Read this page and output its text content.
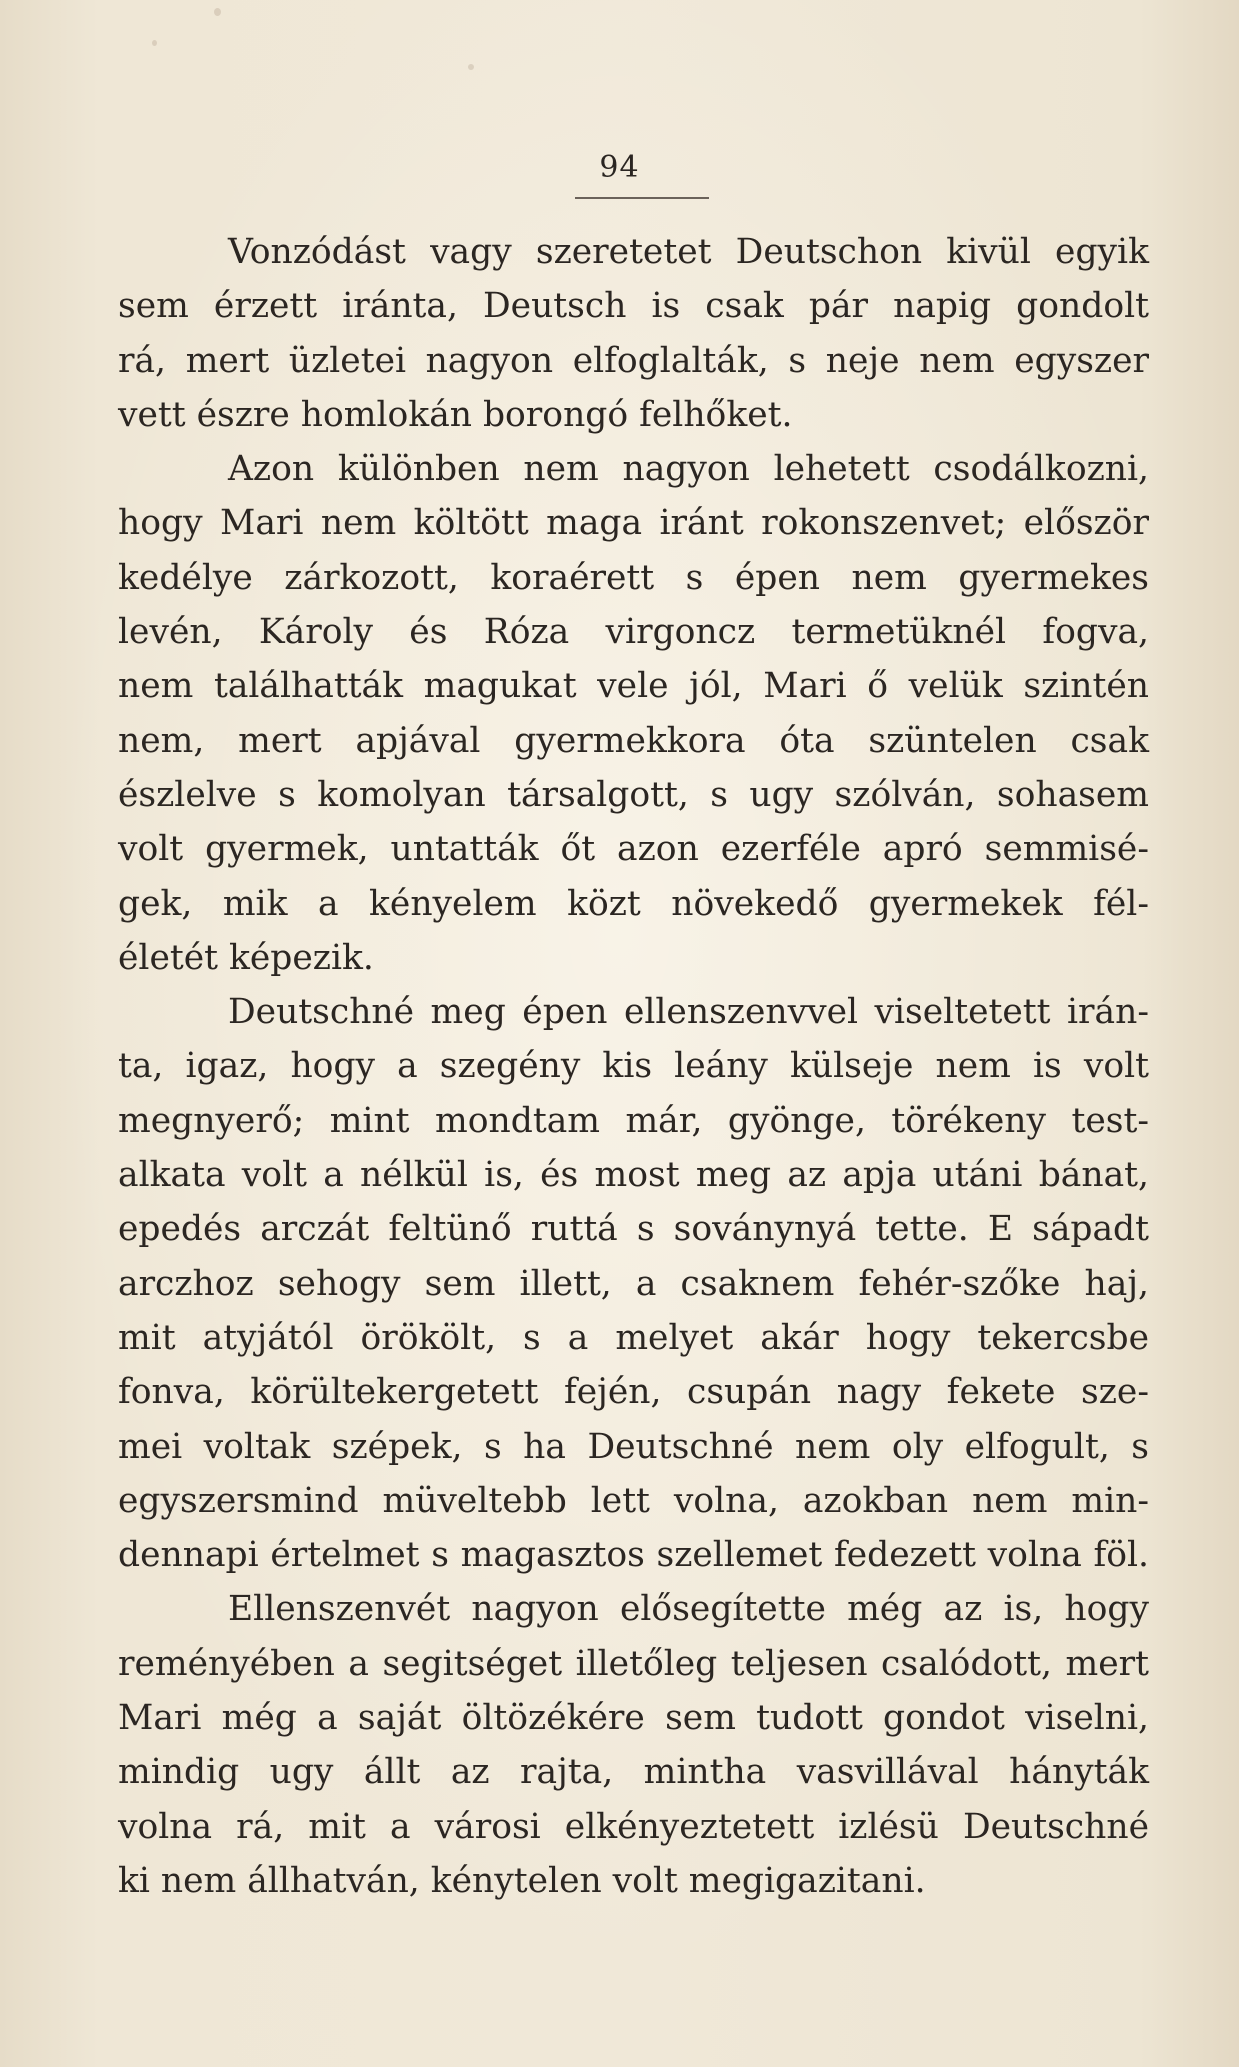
94
Vonzódást vagy szeretetet Deutschon kivül egyik
sem érzett iránta, Deutsch is csak pár napig gondolt
rá, mert üzletei nagyon elfoglalták, s neje nem egyszer
vett észre homlokán borongó felhőket.
Azon különben nem nagyon lehetett csodálkozni,
hogy Mari nem költött maga iránt rokonszenvet; először
kedélye zárkozott, koraérett s épen nem gyermekes
levén, Károly és Róza virgoncz termetüknél fogva,
nem találhatták magukat vele jól, Mari ő velük szintén
nem, mert apjával gyermekkora óta szüntelen csak
észlelve s komolyan társalgott, s ugy szólván, sohasem
volt gyermek, untatták őt azon ezerféle apró semmisé-
gek, mik a kényelem közt növekedő gyermekek fél-
életét képezik.
Deutschné meg épen ellenszenvvel viseltetett irán-
ta, igaz, hogy a szegény kis leány külseje nem is volt
megnyerő; mint mondtam már, gyönge, törékeny test-
alkata volt a nélkül is, és most meg az apja utáni bánat,
epedés arczát feltünő ruttá s soványnyá tette. E sápadt
arczhoz sehogy sem illett, a csaknem fehér-szőke haj,
mit atyjától örökölt, s a melyet akár hogy tekercsbe
fonva, körültekergetett fején, csupán nagy fekete sze-
mei voltak szépek, s ha Deutschné nem oly elfogult, s
egyszersmind müveltebb lett volna, azokban nem min-
dennapi értelmet s magasztos szellemet fedezett volna föl.
Ellenszenvét nagyon elősegítette még az is, hogy
reményében a segitséget illetőleg teljesen csalódott, mert
Mari még a saját öltözékére sem tudott gondot viselni,
mindig ugy állt az rajta, mintha vasvillával hányták
volna rá, mit a városi elkényeztetett izlésü Deutschné
ki nem állhatván, kénytelen volt megigazitani.
